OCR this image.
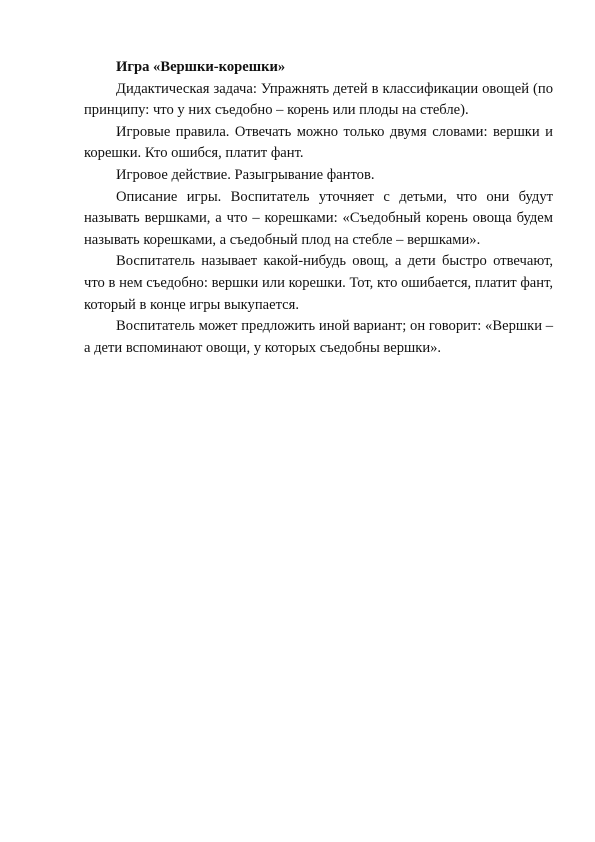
Игра «Вершки-корешки»

Дидактическая задача: Упражнять детей в классификации овощей (по принципу: что у них съедобно – корень или плоды на стебле).

Игровые правила. Отвечать можно только двумя словами: вершки и корешки. Кто ошибся, платит фант.

Игровое действие. Разыгрывание фантов.

Описание игры. Воспитатель уточняет с детьми, что они будут называть вершками, а что – корешками: «Съедобный корень овоща будем называть корешками, а съедобный плод на стебле – вершками».

Воспитатель называет какой-нибудь овощ, а дети быстро отвечают, что в нем съедобно: вершки или корешки. Тот, кто ошибается, платит фант, который в конце игры выкупается.

Воспитатель может предложить иной вариант; он говорит: «Вершки – а дети вспоминают овощи, у которых съедобны вершки».
